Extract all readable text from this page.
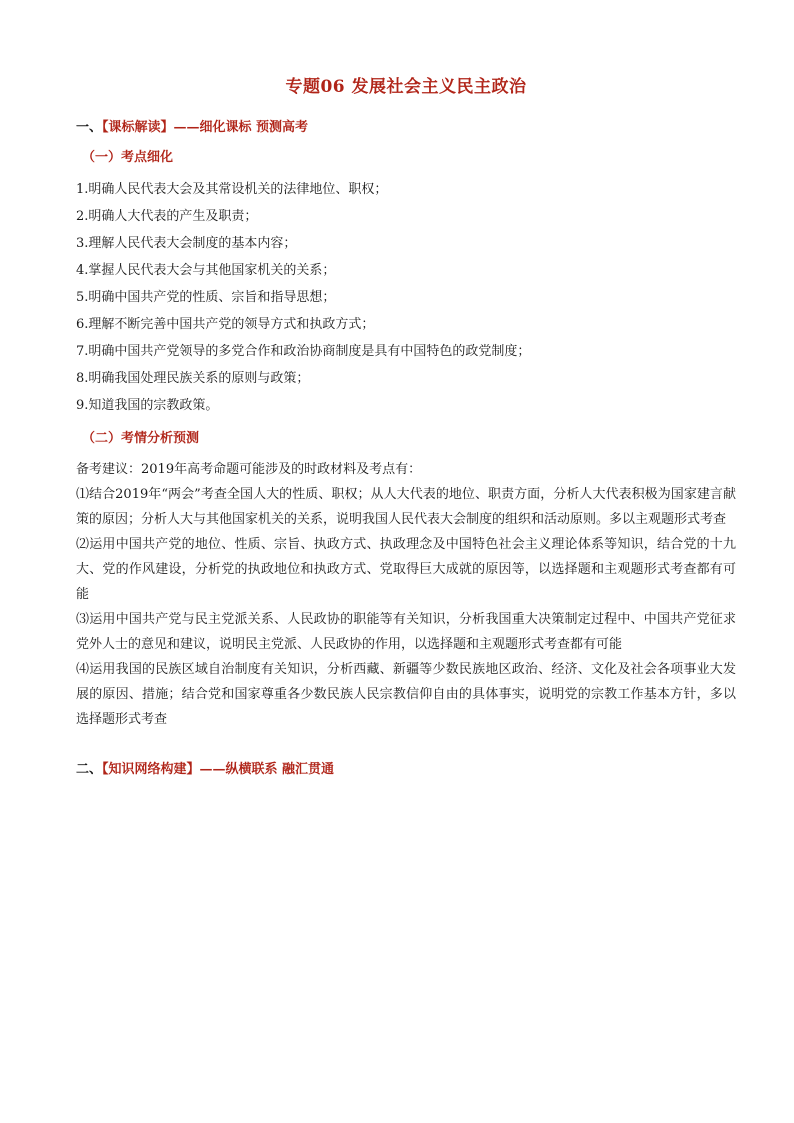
专题06 发展社会主义民主政治

一、【课标解读】——细化课标 预测高考

（一）考点细化

1.明确人民代表大会及其常设机关的法律地位、职权；

2.明确人大代表的产生及职责；

3.理解人民代表大会制度的基本内容；

4.掌握人民代表大会与其他国家机关的关系；

5.明确中国共产党的性质、宗旨和指导思想；

6.理解不断完善中国共产党的领导方式和执政方式；

7.明确中国共产党领导的多党合作和政治协商制度是具有中国特色的政党制度；

8.明确我国处理民族关系的原则与政策；

9.知道我国的宗教政策。

（二）考情分析预测

备考建议：2019年高考命题可能涉及的时政材料及考点有：

⑴结合2019年“两会”考查全国人大的性质、职权；从人大代表的地位、职责方面，分析人大代表积极为国家建言献策的原因；分析人大与其他国家机关的关系，说明我国人民代表大会制度的组织和活动原则。多以主观题形式考查

⑵运用中国共产党的地位、性质、宗旨、执政方式、执政理念及中国特色社会主义理论体系等知识，结合党的十九大、党的作风建设，分析党的执政地位和执政方式、党取得巨大成就的原因等，以选择题和主观题形式考查都有可能

⑶运用中国共产党与民主党派关系、人民政协的职能等有关知识，分析我国重大决策制定过程中、中国共产党征求党外人士的意见和建议，说明民主党派、人民政协的作用，以选择题和主观题形式考查都有可能

⑷运用我国的民族区域自治制度有关知识，分析西藏、新疆等少数民族地区政治、经济、文化及社会各项事业大发展的原因、措施；结合党和国家尊重各少数民族人民宗教信仰自由的具体事实，说明党的宗教工作基本方针，多以选择题形式考查

二、【知识网络构建】——纵横联系 融汇贯通
